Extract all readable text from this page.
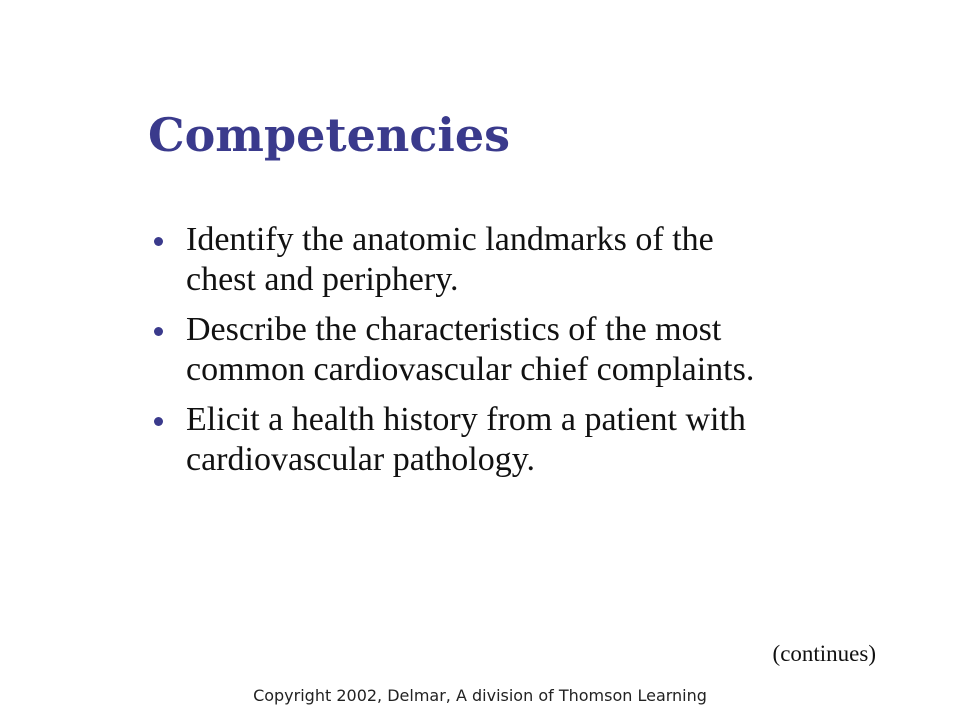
Competencies
Identify the anatomic landmarks of the chest and periphery.
Describe the characteristics of the most common cardiovascular chief complaints.
Elicit a health history from a patient with cardiovascular pathology.
(continues)
Copyright 2002, Delmar, A division of Thomson Learning
